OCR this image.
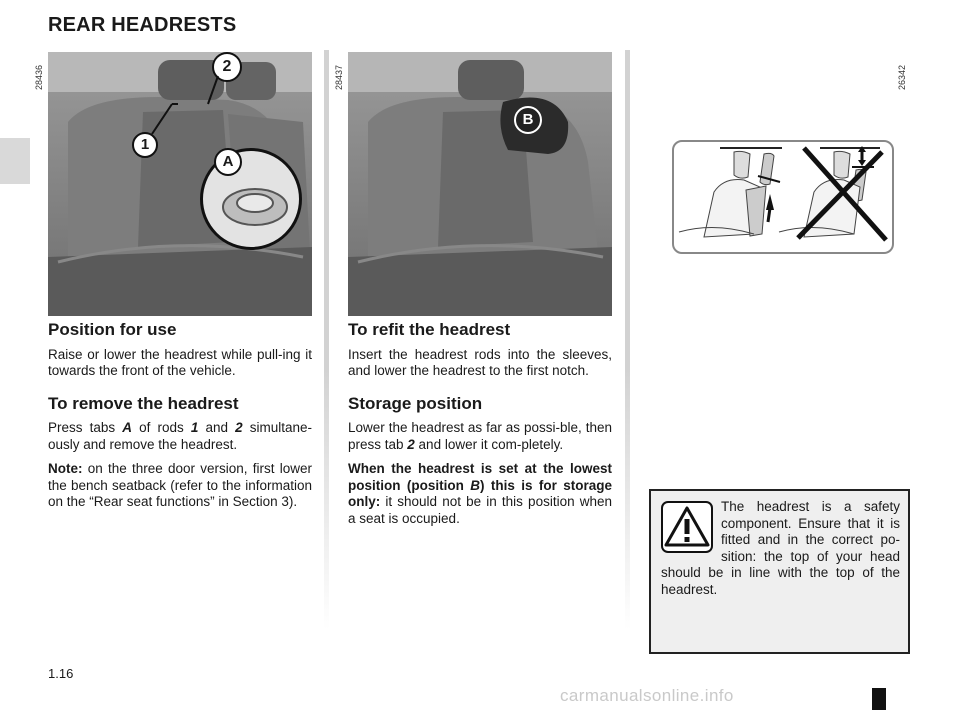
REAR HEADRESTS
2
1
A
28436
B
28437	26342
Position for use

Raise or lower the headrest while pull-ing it towards the front of the vehicle.

To remove the headrest

Press tabs A of rods 1 and 2 simultane-ously and remove the headrest.

Note: on the three door version, first lower the bench seatback (refer to the information on the “Rear seat functions” in Section 3).

To refit the headrest

Insert the headrest rods into the sleeves, and lower the headrest to the first notch.

Storage position

Lower the headrest as far as possi-ble, then press tab 2 and lower it com-pletely.

When the headrest is set at the lowest position (position B) this is for storage only: it should not be in this position when a seat is occupied.

The headrest is a safety component. Ensure that it is fitted and in the correct po-sition: the top of your head should be in line with the top of the headrest.
1.16
carmanualsonline.info
